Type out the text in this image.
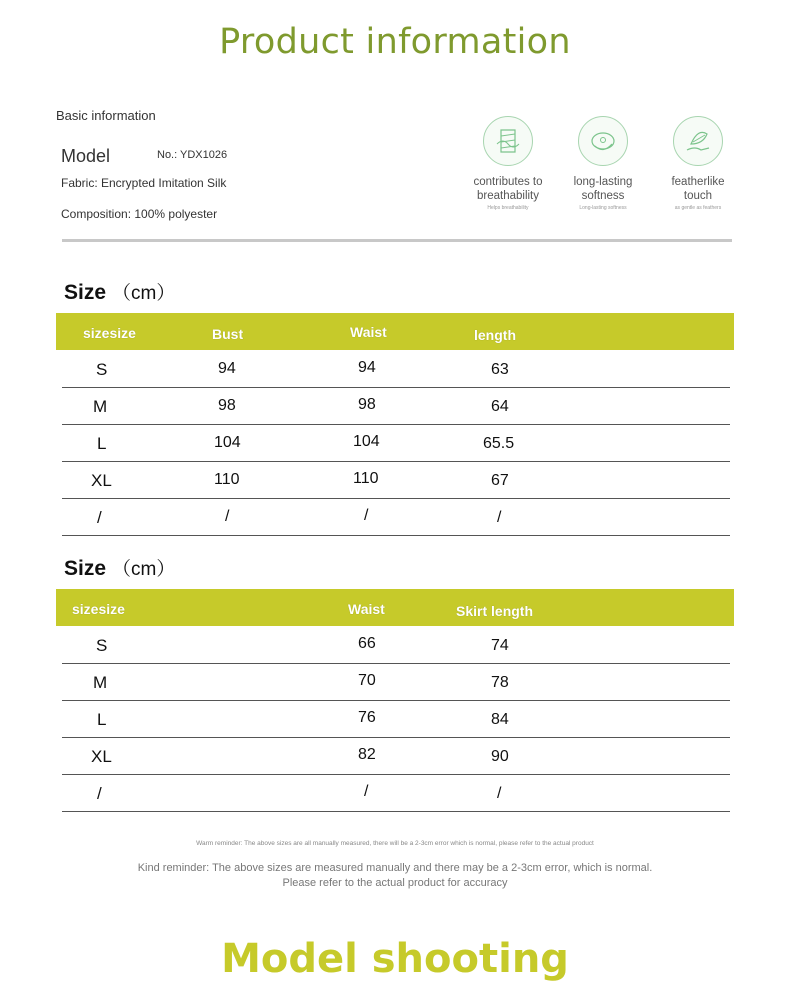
Product information
Basic information
Model	No.: YDX1026
Fabric: Encrypted Imitation Silk
Composition: 100% polyester
contributes to
breathability
Helps breathability
long-lasting
softness
Long-lasting softness
featherlike
touch
as gentle as feathers
Size （cm）
sizesize	Bust	Waist	length
S	94	94	63
M	98	98	64
L	104	104	65.5
XL	110	110	67
/	/	/	/
Size （cm）
sizesize	Waist	Skirt length
S	66	74
M	70	78
L	76	84
XL	82	90
/	/	/
Warm reminder: The above sizes are all manually measured, there will be a 2-3cm error which is normal, please refer to the actual product
Kind reminder: The above sizes are measured manually and there may be a 2-3cm error, which is normal.
Please refer to the actual product for accuracy
Model shooting
